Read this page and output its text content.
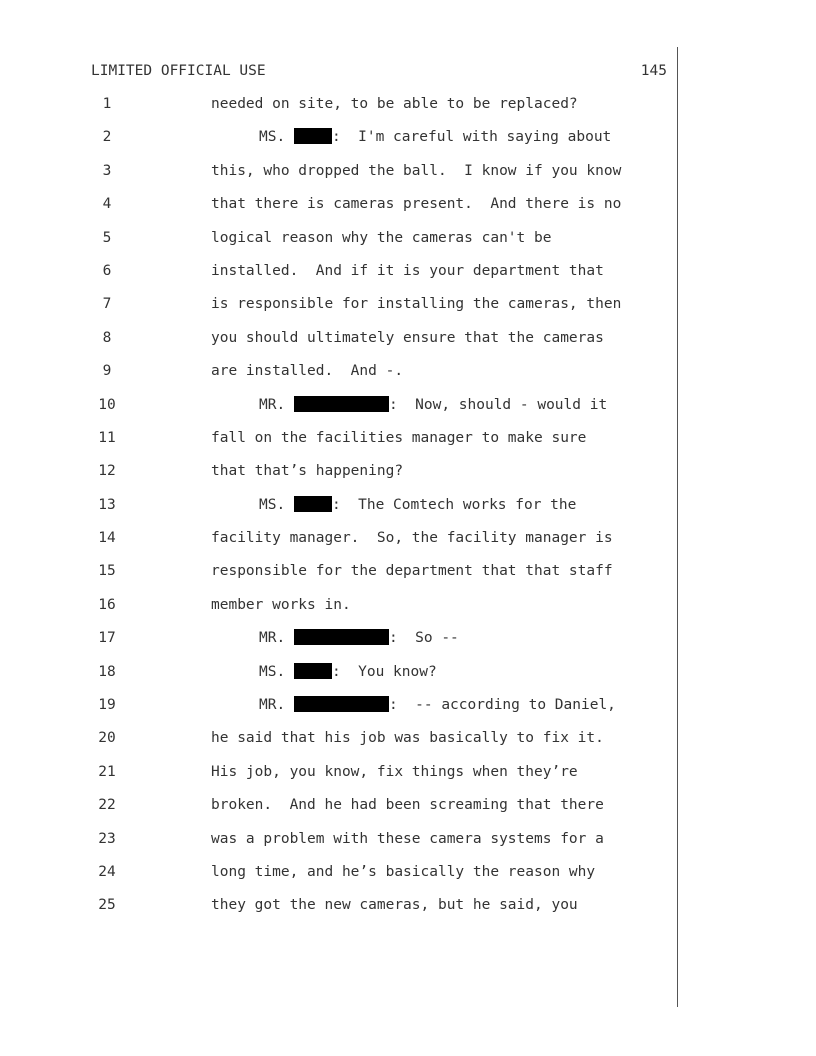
LIMITED OFFICIAL USE	145
1	needed on site, to be able to be replaced?
2	MS.	:  I'm careful with saying about
3	this, who dropped the ball.  I know if you know
4	that there is cameras present.  And there is no
5	logical reason why the cameras can't be
6	installed.  And if it is your department that
7	is responsible for installing the cameras, then
8	you should ultimately ensure that the cameras
9	are installed.  And -.
10	MR.	:  Now, should - would it
11	fall on the facilities manager to make sure
12	that that’s happening?
13	MS.	:  The Comtech works for the
14	facility manager.  So, the facility manager is
15	responsible for the department that that staff
16	member works in.
17	MR.	:  So --
18	MS.	:  You know?
19	MR.	:  -- according to Daniel,
20	he said that his job was basically to fix it.
21	His job, you know, fix things when they’re
22	broken.  And he had been screaming that there
23	was a problem with these camera systems for a
24	long time, and he’s basically the reason why
25	they got the new cameras, but he said, you
